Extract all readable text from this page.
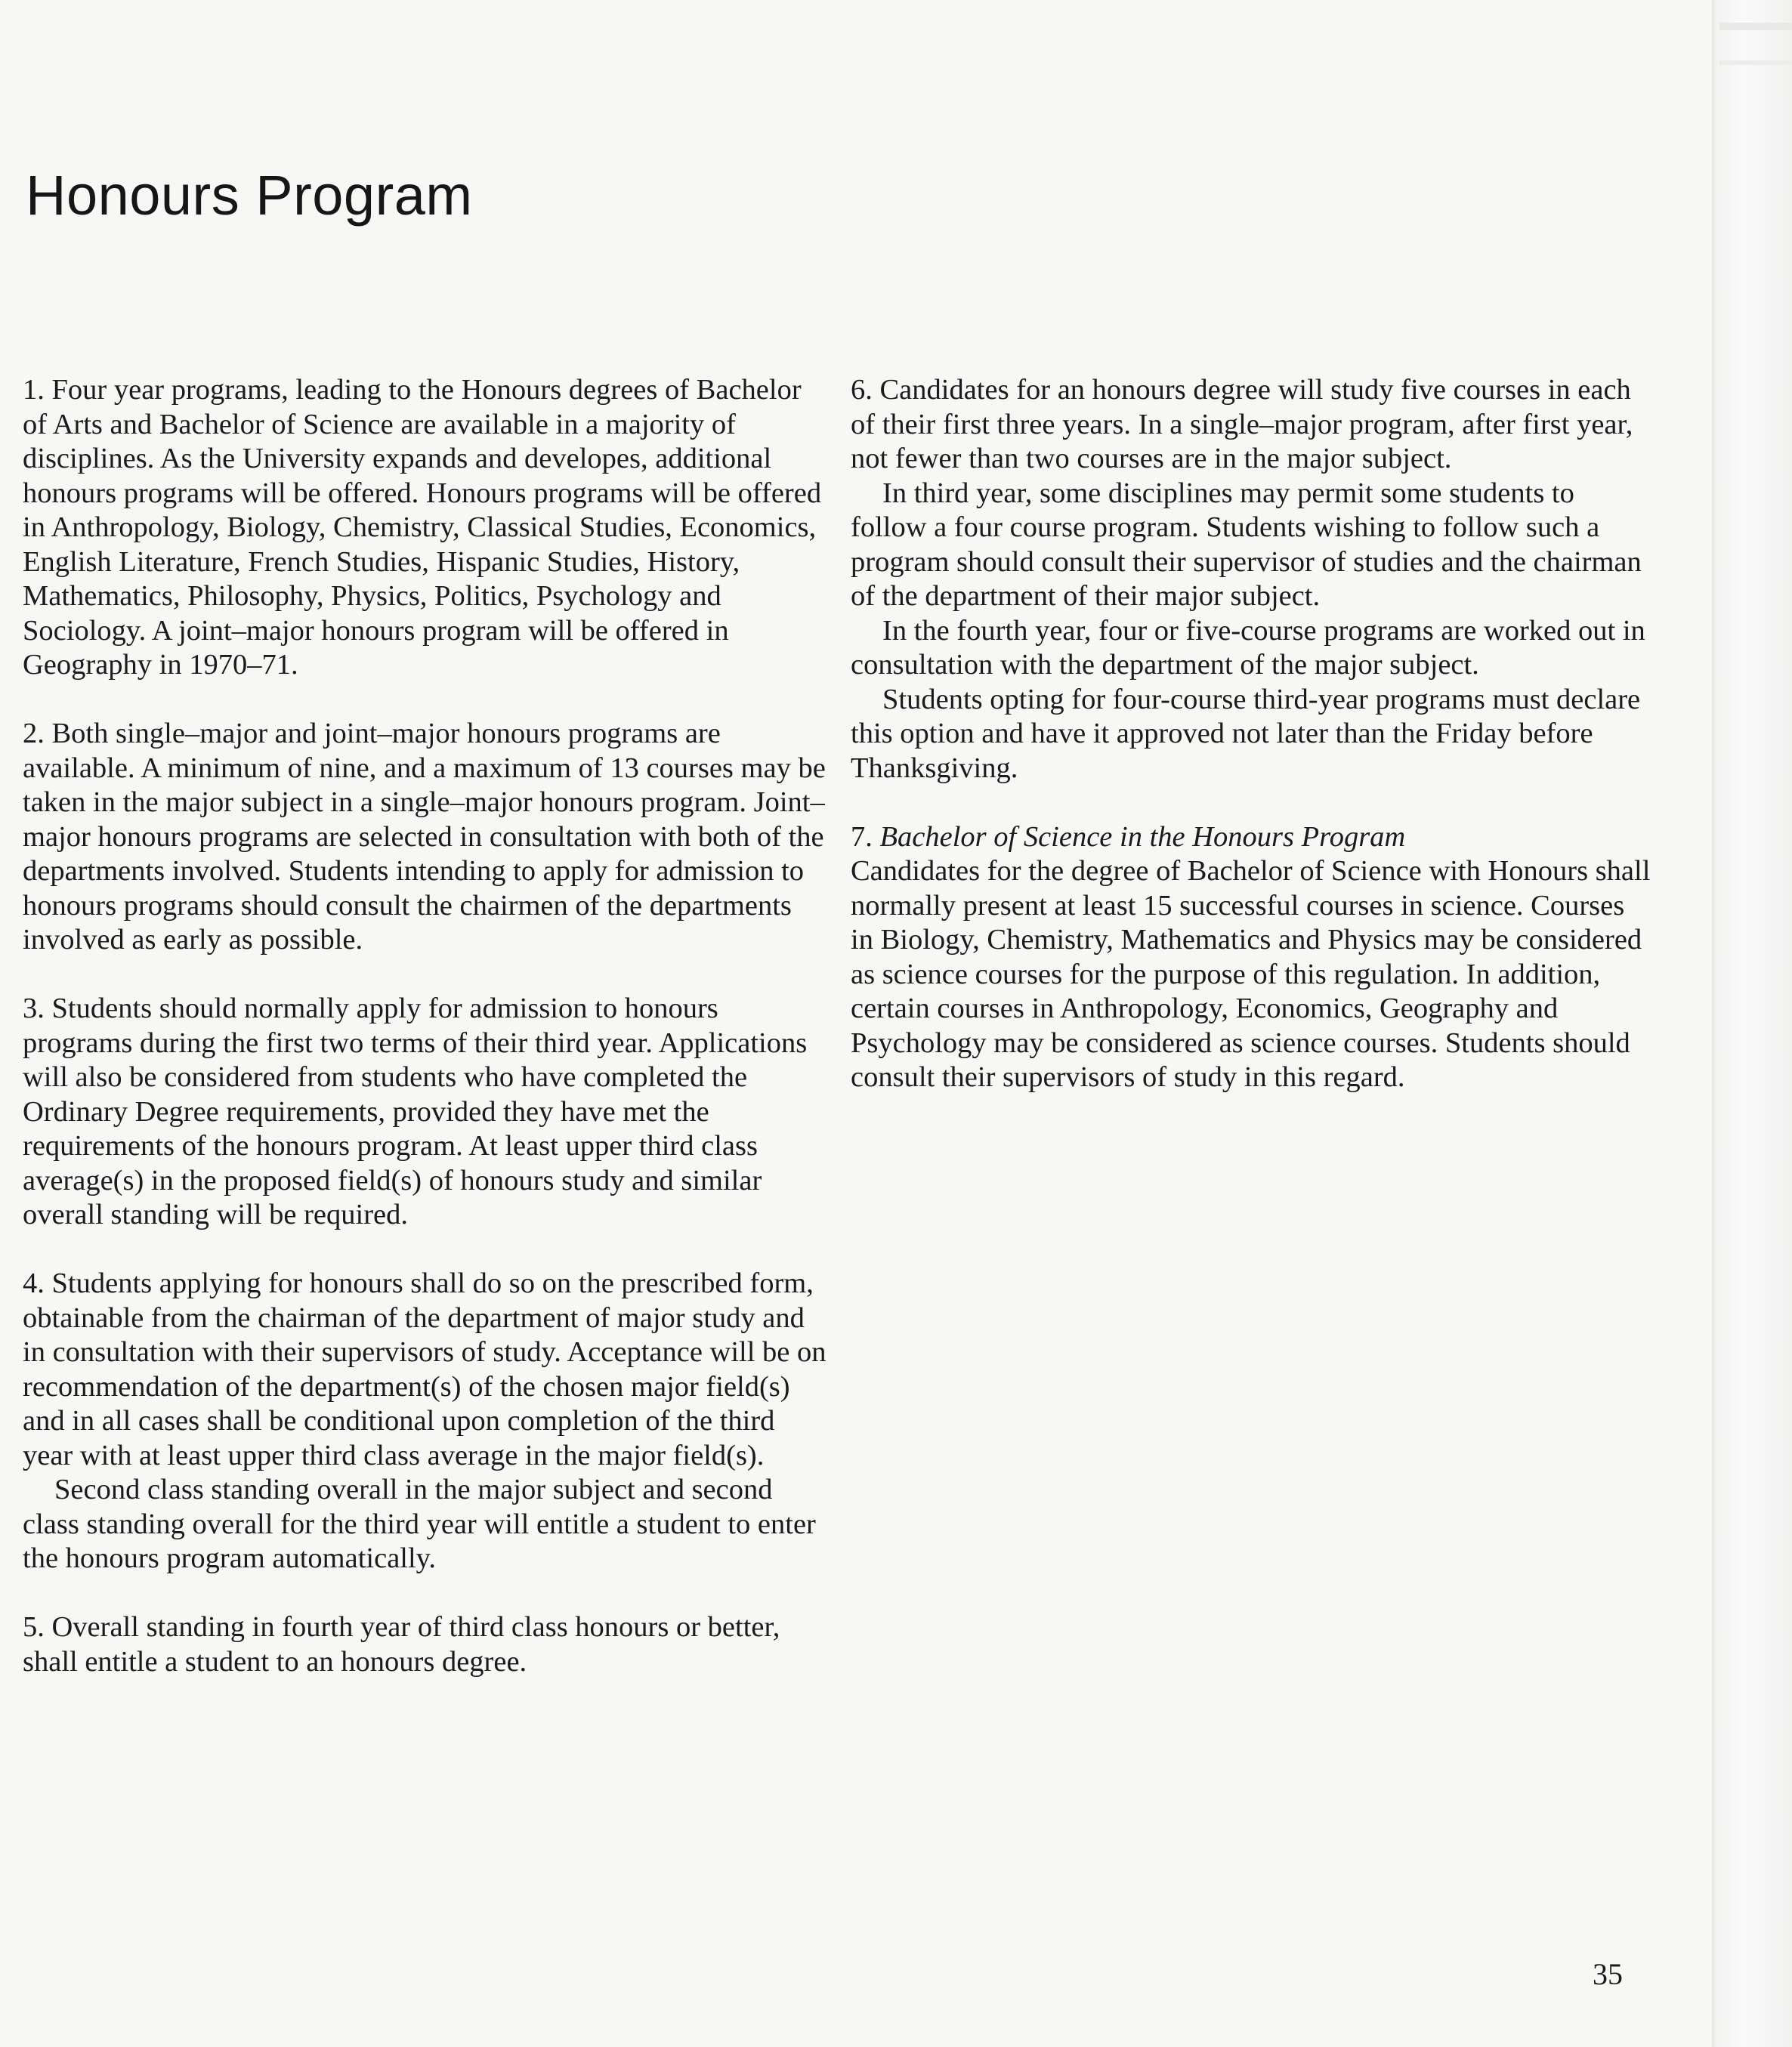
Honours Program

1. Four year programs, leading to the Honours degrees of Bachelor of Arts and Bachelor of Science are available in a majority of disciplines. As the University expands and developes, additional honours programs will be offered. Honours programs will be offered in Anthropology, Biology, Chemistry, Classical Studies, Economics, English Literature, French Studies, Hispanic Studies, History, Mathematics, Philosophy, Physics, Politics, Psychology and Sociology. A joint–major honours program will be offered in Geography in 1970–71.

2. Both single–major and joint–major honours programs are available. A minimum of nine, and a maximum of 13 courses may be taken in the major subject in a single–major honours program. Joint–major honours programs are selected in consultation with both of the departments involved. Students intending to apply for admission to honours programs should consult the chairmen of the departments involved as early as possible.

3. Students should normally apply for admission to honours programs during the first two terms of their third year. Applications will also be considered from students who have completed the Ordinary Degree requirements, provided they have met the requirements of the honours program. At least upper third class average(s) in the proposed field(s) of honours study and similar overall standing will be required.

4. Students applying for honours shall do so on the prescribed form, obtainable from the chairman of the department of major study and in consultation with their supervisors of study. Acceptance will be on recommendation of the department(s) of the chosen major field(s) and in all cases shall be conditional upon completion of the third year with at least upper third class average in the major field(s).

Second class standing overall in the major subject and second class standing overall for the third year will entitle a student to enter the honours program automatically.

5. Overall standing in fourth year of third class honours or better, shall entitle a student to an honours degree.

6. Candidates for an honours degree will study five courses in each of their first three years. In a single–major program, after first year, not fewer than two courses are in the major subject.

In third year, some disciplines may permit some students to follow a four course program. Students wishing to follow such a program should consult their supervisor of studies and the chairman of the department of their major subject.

In the fourth year, four or five-course programs are worked out in consultation with the department of the major subject.

Students opting for four-course third-year programs must declare this option and have it approved not later than the Friday before Thanksgiving.

7. Bachelor of Science in the Honours Program

Candidates for the degree of Bachelor of Science with Honours shall normally present at least 15 successful courses in science. Courses in Biology, Chemistry, Mathematics and Physics may be considered as science courses for the purpose of this regulation. In addition, certain courses in Anthropology, Economics, Geography and Psychology may be considered as science courses. Students should consult their supervisors of study in this regard.

35
